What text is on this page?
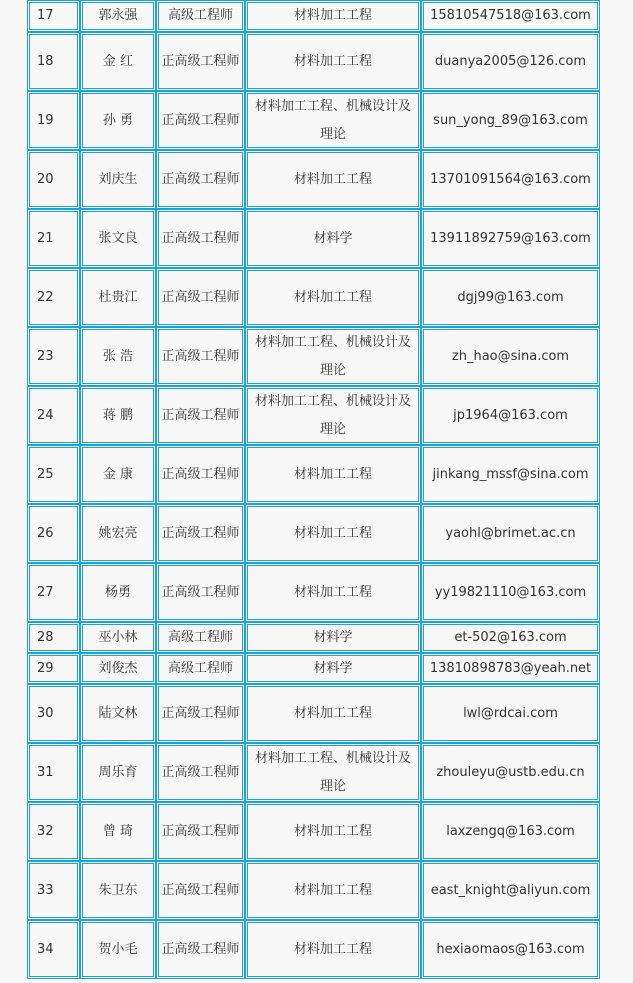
17	郭永强	高级工程师	材料加工工程	15810547518@163.com
18	金 红	正高级工程师	材料加工工程	duanya2005@126.com
19	孙 勇	正高级工程师	材料加工工程、机械设计及理论	sun_yong_89@163.com
20	刘庆生	正高级工程师	材料加工工程	13701091564@163.com
21	张文良	正高级工程师	材料学	13911892759@163.com
22	杜贵江	正高级工程师	材料加工工程	dgj99@163.com
23	张 浩	正高级工程师	材料加工工程、机械设计及理论	zh_hao@sina.com
24	蒋 鹏	正高级工程师	材料加工工程、机械设计及理论	jp1964@163.com
25	金 康	正高级工程师	材料加工工程	jinkang_mssf@sina.com
26	姚宏亮	正高级工程师	材料加工工程	yaohl@brimet.ac.cn
27	杨勇	正高级工程师	材料加工工程	yy19821110@163.com
28	巫小林	高级工程师	材料学	et-502@163.com
29	刘俊杰	高级工程师	材料学	13810898783@yeah.net
30	陆文林	正高级工程师	材料加工工程	lwl@rdcai.com
31	周乐育	正高级工程师	材料加工工程、机械设计及理论	zhouleyu@ustb.edu.cn
32	曾 琦	正高级工程师	材料加工工程	laxzengq@163.com
33	朱卫东	正高级工程师	材料加工工程	east_knight@aliyun.com
34	贺小毛	正高级工程师	材料加工工程	hexiaomaos@163.com
